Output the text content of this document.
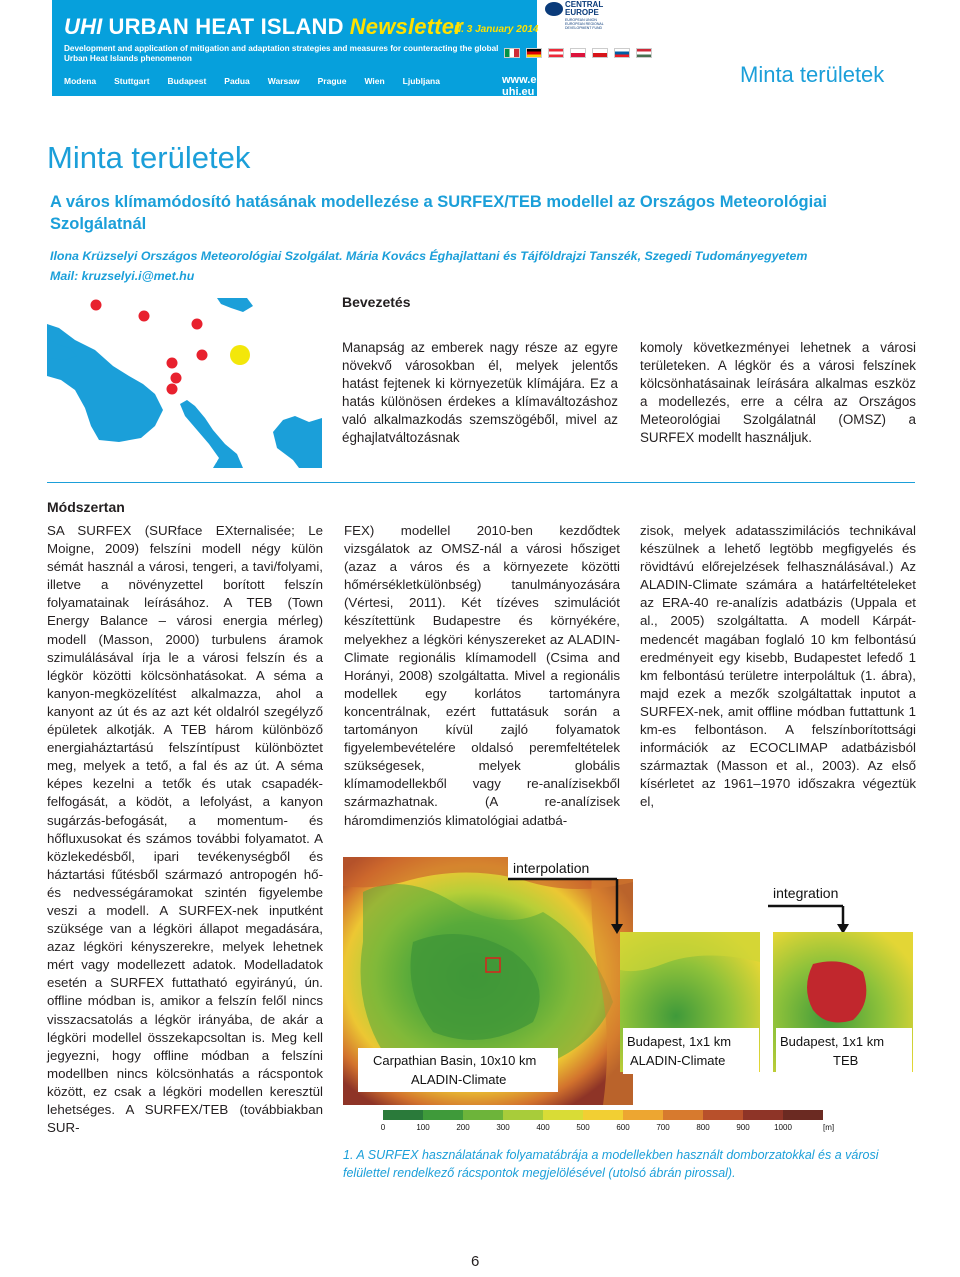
UHI URBAN HEAT ISLAND Newsletter
N. 3 January 2014
Development and application of mitigation and adaptation strategies and measures for counteracting the global Urban Heat Islands phenomenon
Modena Stuttgart Budapest Padua Warsaw Prague Wien Ljubljana	www.eu-uhi.eu
CENTRAL EUROPE
EUROPEAN UNION EUROPEAN REGIONAL DEVELOPMENT FUND
Minta területek
Minta területek
A város klímamódosító hatásának modellezése a SURFEX/TEB modellel az Országos Meteorológiai Szolgálatnál
Ilona Krüzselyi Országos Meteorológiai Szolgálat. Mária Kovács Éghajlattani és Tájföldrajzi Tanszék, Szegedi Tudományegyetem
Mail: kruzselyi.i@met.hu
Bevezetés
Manapság az emberek nagy része az egyre növekvő városokban él, melyek jelentős hatást fejtenek ki környezetük klímájára. Ez a hatás különösen érdekes a klímaváltozáshoz való alkalmazkodás szemszögéből, mivel az éghajlatváltozásnak
komoly következményei lehetnek a városi területeken. A légkör és a városi felszínek kölcsönhatásainak leírására alkalmas eszköz a modellezés, erre a célra az Országos Meteorológiai Szolgálatnál (OMSZ) a SURFEX modellt használjuk.
Módszertan
SA SURFEX (SURface EXternalisée; Le Moigne, 2009) felszíni modell négy külön sémát használ a városi, tengeri, a tavi/folyami, illetve a növényzettel borított felszín folyamatainak leírásához. A TEB (Town Energy Balance – városi energia mérleg) modell (Masson, 2000) turbulens áramok szimulálásával írja le a városi felszín és a légkör közötti kölcsönhatásokat. A séma a kanyon-megközelítést alkalmazza, ahol a kanyont az út és az azt két oldalról szegélyző épületek alkotják. A TEB három különböző energiaháztartású felszíntípust különböztet meg, melyek a tető, a fal és az út. A séma képes kezelni a tetők és utak csapadék-felfogását, a ködöt, a lefolyást, a kanyon sugárzás-befogását, a momentum- és hőfluxusokat és számos további folyamatot. A közlekedésből, ipari tevékenységből és háztartási fűtésből származó antropogén hő- és nedvességáramokat szintén figyelembe veszi a modell. A SURFEX-nek inputként szüksége van a légköri állapot megadására, azaz légköri kényszerekre, melyek lehetnek mért vagy modellezett adatok. Modelladatok esetén a SURFEX futtatható egyirányú, ún. offline módban is, amikor a felszín felől nincs visszacsatolás a légkör irányába, de akár a légköri modellel összekapcsoltan is. Meg kell jegyezni, hogy offline módban a felszíni modellben nincs kölcsönhatás a rácspontok között, ez csak a légköri modellen keresztül lehetséges. A SURFEX/TEB (továbbiakban SUR-
FEX) modellel 2010-ben kezdődtek vizsgálatok az OMSZ-nál a városi hősziget (azaz a város és a környezete közötti hőmérsékletkülönbség) tanulmányozására (Vértesi, 2011). Két tízéves szimulációt készítettünk Budapestre és környékére, melyekhez a légköri kényszereket az ALADIN-Climate regionális klímamodell (Csima and Horányi, 2008) szolgáltatta. Mivel a regionális modellek egy korlátos tartományra koncentrálnak, ezért futtatásuk során a tartományon kívül zajló folyamatok figyelembevételére oldalsó peremfeltételek szükségesek, melyek globális klímamodellekből vagy re-analízisekből származhatnak. (A re-analízisek háromdimenziós klimatológiai adatbá-
zisok, melyek adatasszimilációs technikával készülnek a lehető legtöbb megfigyelés és rövidtávú előrejelzések felhasználásával.) Az ALADIN-Climate számára a határfeltételeket az ERA-40 re-analízis adatbázis (Uppala et al., 2005) szolgáltatta. A modell Kárpát-medencét magában foglaló 10 km felbontású eredményeit egy kisebb, Budapestet lefedő 1 km felbontású területre interpoláltuk (1. ábra), majd ezek a mezők szolgáltattak inputot a SURFEX-nek, amit offline módban futtattunk 1 km-es felbontáson. A felszínborítottsági információk az ECOCLIMAP adatbázisból származtak (Masson et al., 2003). Az első kísérletet az 1961–1970 időszakra végeztük el,
Carpathian Basin, 10x10 km
ALADIN-Climate
interpolation
Budapest, 1x1 km
ALADIN-Climate
integration
Budapest, 1x1 km
TEB
0	100	200	300	400	500	600	700	800	900	1000	[m]
1. A SURFEX használatának folyamatábrája a modellekben használt domborzatokkal és a városi felülettel rendelkező rácspontok megjelölésével (utolsó ábrán pirossal).
6
